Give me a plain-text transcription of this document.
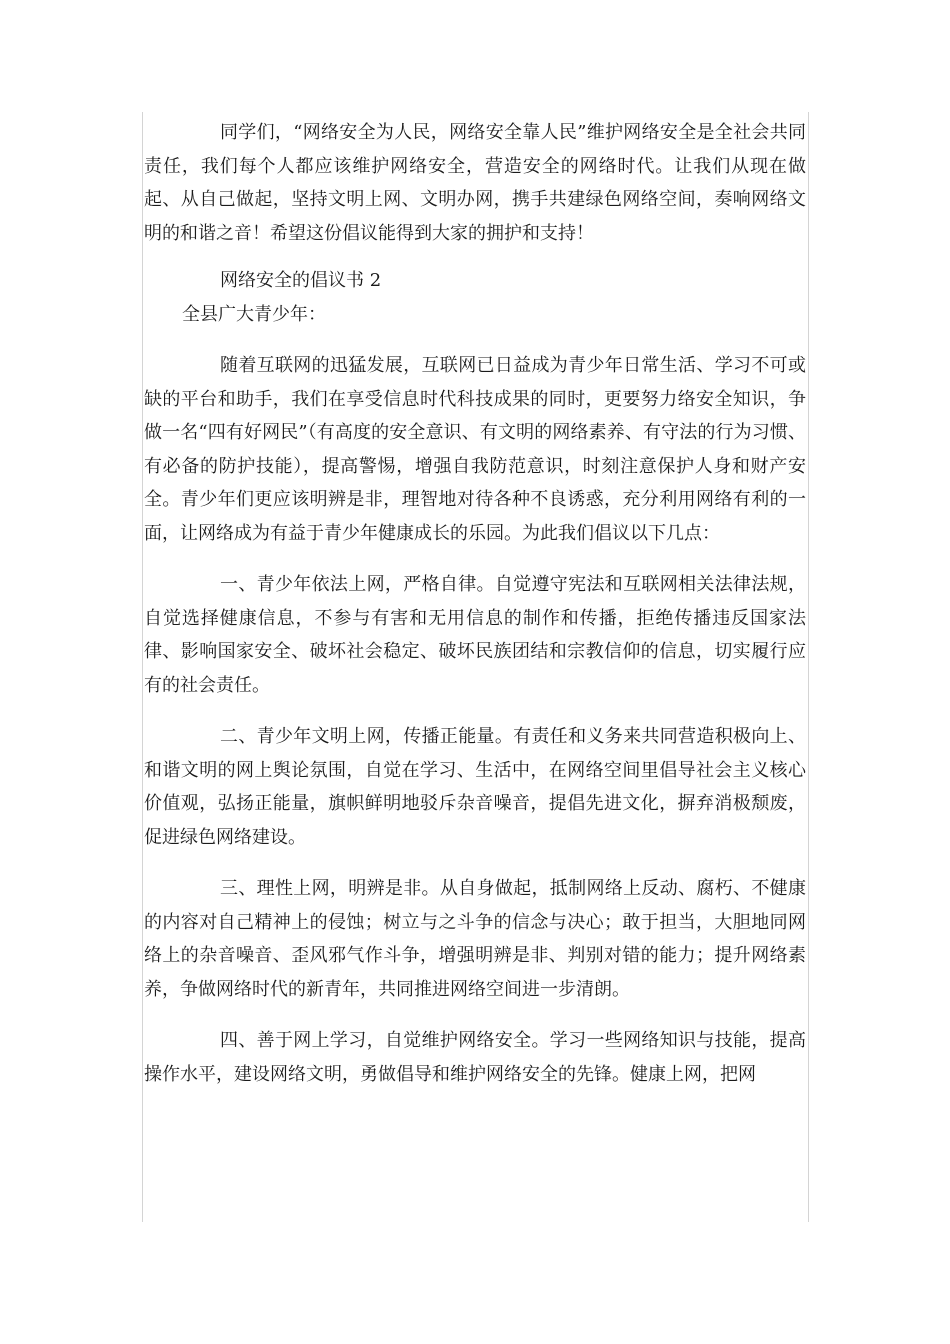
同学们，“网络安全为人民，网络安全靠人民”维护网络安全是全社会共同责任，我们每个人都应该维护网络安全，营造安全的网络时代。让我们从现在做起、从自己做起，坚持文明上网、文明办网，携手共建绿色网络空间，奏响网络文明的和谐之音！希望这份倡议能得到大家的拥护和支持！

网络安全的倡议书 2

全县广大青少年：

随着互联网的迅猛发展，互联网已日益成为青少年日常生活、学习不可或缺的平台和助手，我们在享受信息时代科技成果的同时，更要努力络安全知识，争做一名“四有好网民”（有高度的安全意识、有文明的网络素养、有守法的行为习惯、有必备的防护技能），提高警惕，增强自我防范意识，时刻注意保护人身和财产安全。青少年们更应该明辨是非，理智地对待各种不良诱惑，充分利用网络有利的一面，让网络成为有益于青少年健康成长的乐园。为此我们倡议以下几点：

一、青少年依法上网，严格自律。自觉遵守宪法和互联网相关法律法规，自觉选择健康信息，不参与有害和无用信息的制作和传播，拒绝传播违反国家法律、影响国家安全、破坏社会稳定、破坏民族团结和宗教信仰的信息，切实履行应有的社会责任。

二、青少年文明上网，传播正能量。有责任和义务来共同营造积极向上、和谐文明的网上舆论氛围，自觉在学习、生活中，在网络空间里倡导社会主义核心价值观，弘扬正能量，旗帜鲜明地驳斥杂音噪音，提倡先进文化，摒弃消极颓废，促进绿色网络建设。

三、理性上网，明辨是非。从自身做起，抵制网络上反动、腐朽、不健康的内容对自己精神上的侵蚀；树立与之斗争的信念与决心；敢于担当，大胆地同网络上的杂音噪音、歪风邪气作斗争，增强明辨是非、判别对错的能力；提升网络素养，争做网络时代的新青年，共同推进网络空间进一步清朗。

四、善于网上学习，自觉维护网络安全。学习一些网络知识与技能，提高操作水平，建设网络文明，勇做倡导和维护网络安全的先锋。健康上网，把网
